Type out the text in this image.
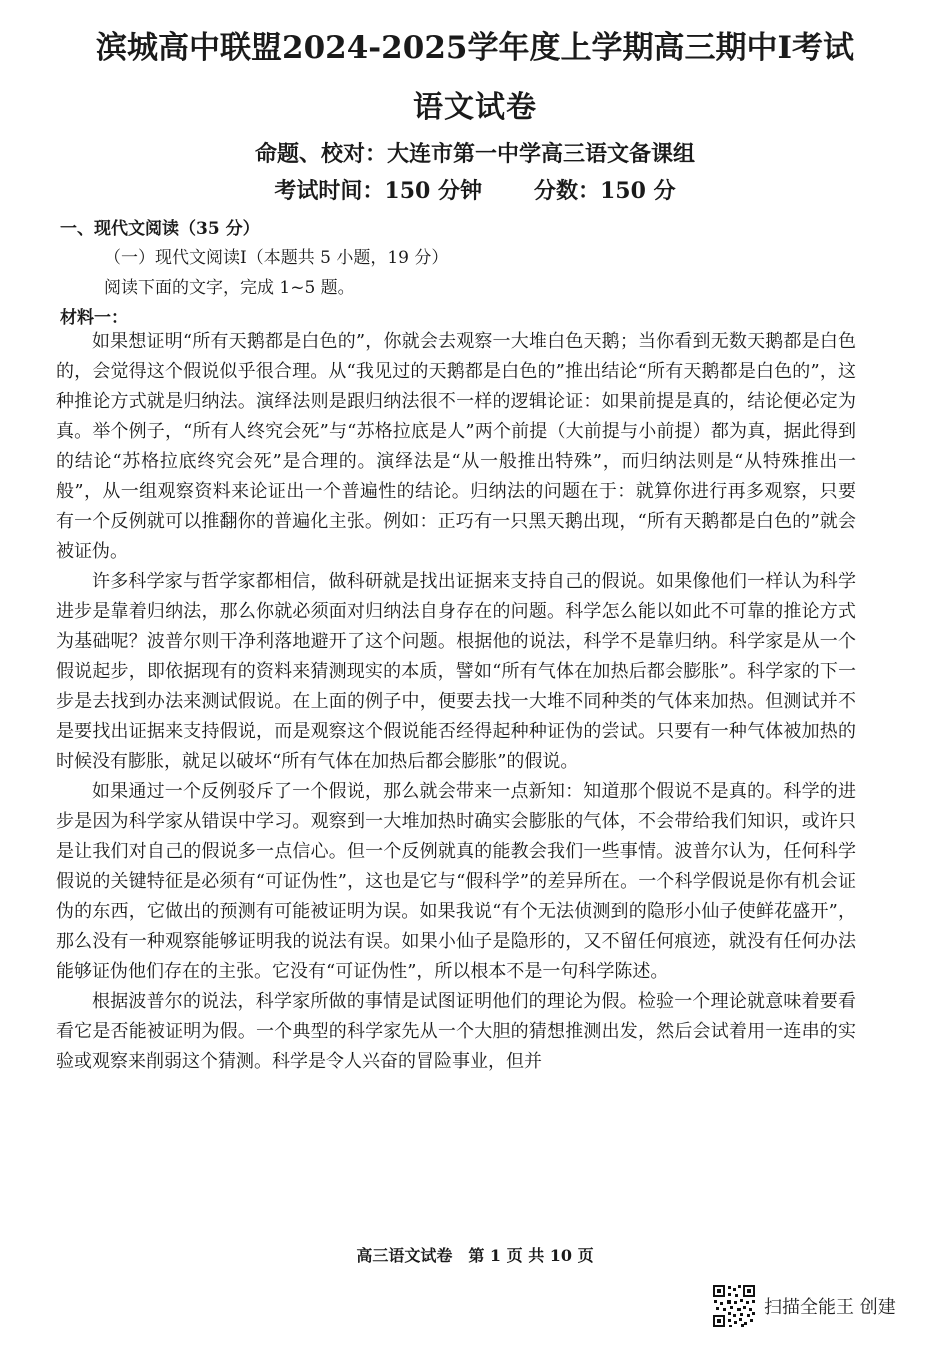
滨城高中联盟2024-2025学年度上学期高三期中Ⅰ考试
语文试卷
命题、校对：大连市第一中学高三语文备课组
考试时间：150 分钟 分数：150 分
一、现代文阅读（35 分）
（一）现代文阅读Ⅰ（本题共 5 小题，19 分）
阅读下面的文字，完成 1~5 题。
材料一：

如果想证明“所有天鹅都是白色的”，你就会去观察一大堆白色天鹅；当你看到无数天鹅都是白色的，会觉得这个假说似乎很合理。从“我见过的天鹅都是白色的”推出结论“所有天鹅都是白色的”，这种推论方式就是归纳法。演绎法则是跟归纳法很不一样的逻辑论证：如果前提是真的，结论便必定为真。举个例子，“所有人终究会死”与“苏格拉底是人”两个前提（大前提与小前提）都为真，据此得到的结论“苏格拉底终究会死”是合理的。演绎法是“从一般推出特殊”，而归纳法则是“从特殊推出一般”，从一组观察资料来论证出一个普遍性的结论。归纳法的问题在于：就算你进行再多观察，只要有一个反例就可以推翻你的普遍化主张。例如：正巧有一只黑天鹅出现，“所有天鹅都是白色的”就会被证伪。

许多科学家与哲学家都相信，做科研就是找出证据来支持自己的假说。如果像他们一样认为科学进步是靠着归纳法，那么你就必须面对归纳法自身存在的问题。科学怎么能以如此不可靠的推论方式为基础呢？波普尔则干净利落地避开了这个问题。根据他的说法，科学不是靠归纳。科学家是从一个假说起步，即依据现有的资料来猜测现实的本质，譬如“所有气体在加热后都会膨胀”。科学家的下一步是去找到办法来测试假说。在上面的例子中，便要去找一大堆不同种类的气体来加热。但测试并不是要找出证据来支持假说，而是观察这个假说能否经得起种种证伪的尝试。只要有一种气体被加热的时候没有膨胀，就足以破坏“所有气体在加热后都会膨胀”的假说。

如果通过一个反例驳斥了一个假说，那么就会带来一点新知：知道那个假说不是真的。科学的进步是因为科学家从错误中学习。观察到一大堆加热时确实会膨胀的气体，不会带给我们知识，或许只是让我们对自己的假说多一点信心。但一个反例就真的能教会我们一些事情。波普尔认为，任何科学假说的关键特征是必须有“可证伪性”，这也是它与“假科学”的差异所在。一个科学假说是你有机会证伪的东西，它做出的预测有可能被证明为误。如果我说“有个无法侦测到的隐形小仙子使鲜花盛开”，那么没有一种观察能够证明我的说法有误。如果小仙子是隐形的，又不留任何痕迹，就没有任何办法能够证伪他们存在的主张。它没有“可证伪性”，所以根本不是一句科学陈述。

根据波普尔的说法，科学家所做的事情是试图证明他们的理论为假。检验一个理论就意味着要看看它是否能被证明为假。一个典型的科学家先从一个大胆的猜想推测出发，然后会试着用一连串的实验或观察来削弱这个猜测。科学是令人兴奋的冒险事业，但并

高三语文试卷　第 1 页 共 10 页
扫描全能王 创建
